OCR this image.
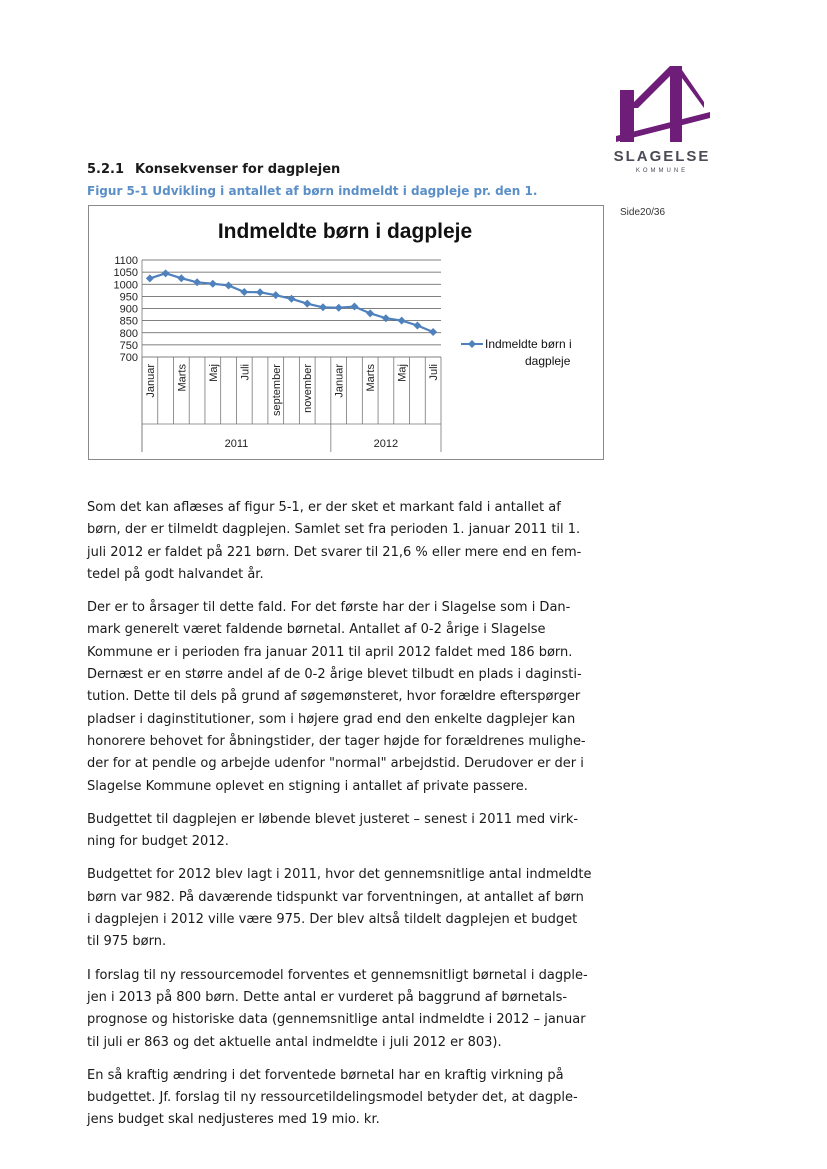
SLAGELSE
KOMMUNE
Side20/36
5.2.1 Konsekvenser for dagplejen
Figur 5-1 Udvikling i antallet af børn indmeldt i dagpleje pr. den 1.
Indmeldte børn i dagpleje
700
750
800
850
900
950
1000
1050
1100
Januar Marts Maj Juli september november Januar Marts Maj Juli
2011	2012
Indmeldte børn i
dagpleje

Som det kan aflæses af figur 5-1, er der sket et markant fald i antallet af
børn, der er tilmeldt dagplejen. Samlet set fra perioden 1. januar 2011 til 1.
juli 2012 er faldet på 221 børn. Det svarer til 21,6 % eller mere end en fem-
tedel på godt halvandet år.

Der er to årsager til dette fald. For det første har der i Slagelse som i Dan-
mark generelt været faldende børnetal. Antallet af 0-2 årige i Slagelse
Kommune er i perioden fra januar 2011 til april 2012 faldet med 186 børn.
Dernæst er en større andel af de 0-2 årige blevet tilbudt en plads i daginsti-
tution. Dette til dels på grund af søgemønsteret, hvor forældre efterspørger
pladser i daginstitutioner, som i højere grad end den enkelte dagplejer kan
honorere behovet for åbningstider, der tager højde for forældrenes mulighe-
der for at pendle og arbejde udenfor "normal" arbejdstid. Derudover er der i
Slagelse Kommune oplevet en stigning i antallet af private passere.

Budgettet til dagplejen er løbende blevet justeret – senest i 2011 med virk-
ning for budget 2012.

Budgettet for 2012 blev lagt i 2011, hvor det gennemsnitlige antal indmeldte
børn var 982. På daværende tidspunkt var forventningen, at antallet af børn
i dagplejen i 2012 ville være 975. Der blev altså tildelt dagplejen et budget
til 975 børn.

I forslag til ny ressourcemodel forventes et gennemsnitligt børnetal i dagple-
jen i 2013 på 800 børn. Dette antal er vurderet på baggrund af børnetals-
prognose og historiske data (gennemsnitlige antal indmeldte i 2012 – januar
til juli er 863 og det aktuelle antal indmeldte i juli 2012 er 803).

En så kraftig ændring i det forventede børnetal har en kraftig virkning på
budgettet. Jf. forslag til ny ressourcetildelingsmodel betyder det, at dagple-
jens budget skal nedjusteres med 19 mio. kr.
